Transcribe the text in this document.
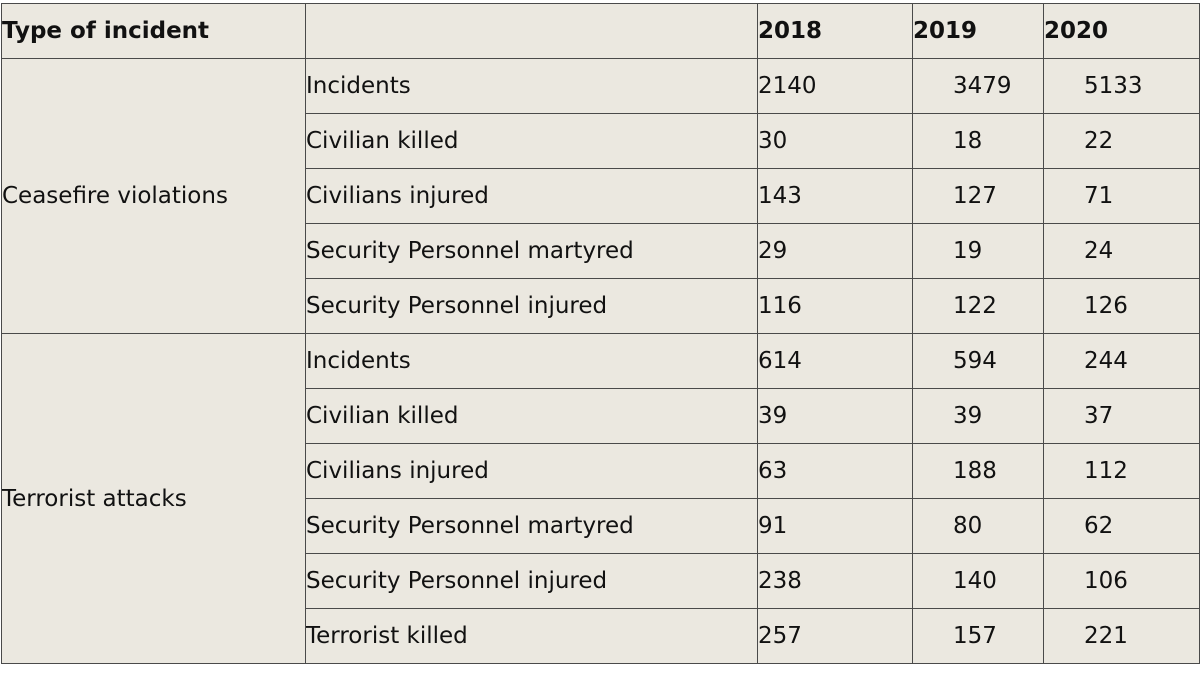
Type of incident		2018	2019	2020
Ceasefire violations	Incidents	2140	3479	5133
	Civilian killed	30	18	22
	Civilians injured	143	127	71
	Security Personnel martyred	29	19	24
	Security Personnel injured	116	122	126
Terrorist attacks	Incidents	614	594	244
	Civilian killed	39	39	37
	Civilians injured	63	188	112
	Security Personnel martyred	91	80	62
	Security Personnel injured	238	140	106
	Terrorist killed	257	157	221
